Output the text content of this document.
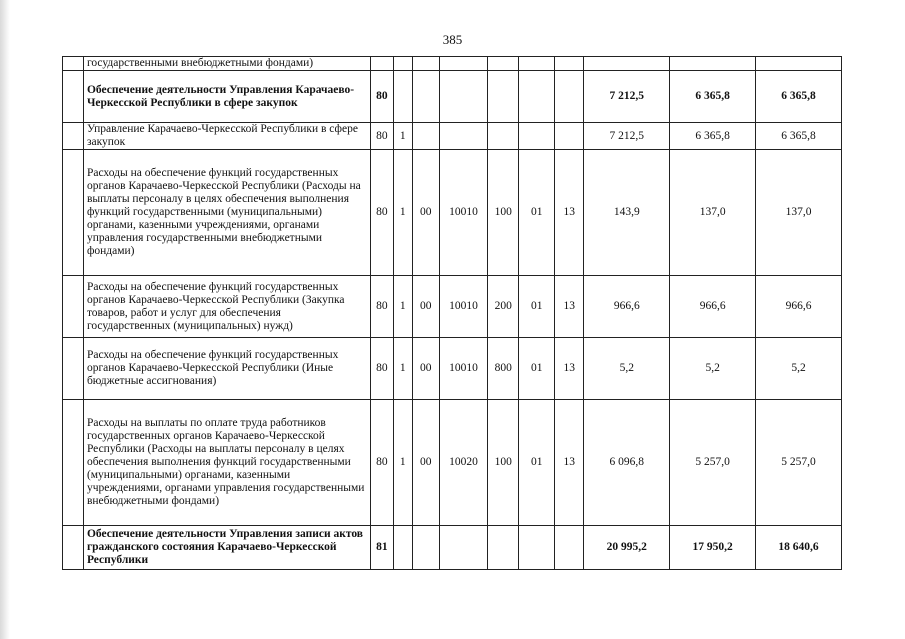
385
	государственными внебюджетными фондами)										
	Обеспечение деятельности Управления Карачаево-Черкесской Республики в сфере закупок	80							7 212,5	6 365,8	6 365,8
	Управление Карачаево-Черкесской Республики в сфере закупок	80	1						7 212,5	6 365,8	6 365,8
	Расходы на обеспечение функций государственных органов Карачаево-Черкесской Республики (Расходы на выплаты персоналу в целях обеспечения выполнения функций государственными (муниципальными) органами, казенными учреждениями, органами управления государственными внебюджетными фондами)	80	1	00	10010	100	01	13	143,9	137,0	137,0
	Расходы на обеспечение функций государственных органов Карачаево-Черкесской Республики (Закупка товаров, работ и услуг для обеспечения государственных (муниципальных) нужд)	80	1	00	10010	200	01	13	966,6	966,6	966,6
	Расходы на обеспечение функций государственных органов Карачаево-Черкесской Республики (Иные бюджетные ассигнования)	80	1	00	10010	800	01	13	5,2	5,2	5,2
	Расходы на выплаты по оплате труда работников государственных органов Карачаево-Черкесской Республики (Расходы на выплаты персоналу в целях обеспечения выполнения функций государственными (муниципальными) органами, казенными учреждениями, органами управления государственными внебюджетными фондами)	80	1	00	10020	100	01	13	6 096,8	5 257,0	5 257,0
	Обеспечение деятельности Управления записи актов гражданского состояния Карачаево-Черкесской Республики	81							20 995,2	17 950,2	18 640,6
